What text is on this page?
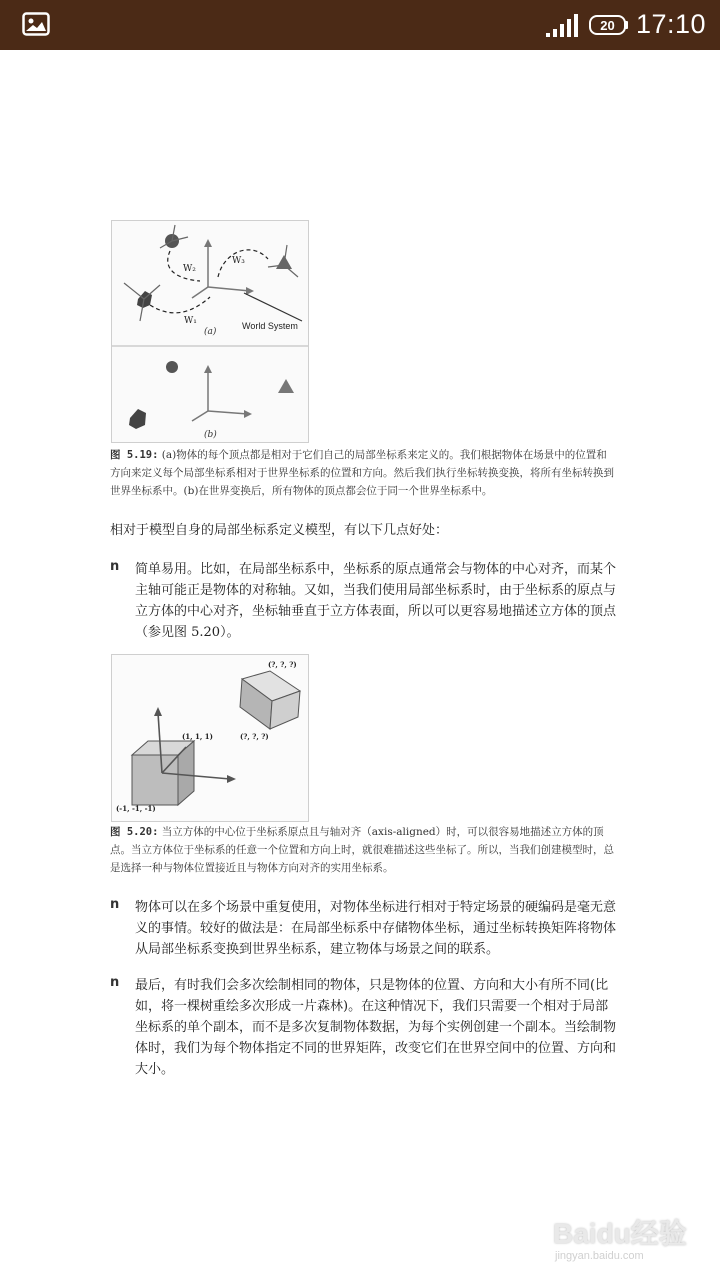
20 17:10
W₂
W₃
W₁
(a)
World System
(b)
图 5.19: (a)物体的每个顶点都是相对于它们自己的局部坐标系来定义的。我们根据物体在场景中的位置和方向来定义每个局部坐标系相对于世界坐标系的位置和方向。然后我们执行坐标转换变换，将所有坐标转换到世界坐标系中。(b)在世界变换后，所有物体的顶点都会位于同一个世界坐标系中。
相对于模型自身的局部坐标系定义模型，有以下几点好处：
n 简单易用。比如，在局部坐标系中，坐标系的原点通常会与物体的中心对齐，而某个主轴可能正是物体的对称轴。又如，当我们使用局部坐标系时，由于坐标系的原点与立方体的中心对齐，坐标轴垂直于立方体表面，所以可以更容易地描述立方体的顶点（参见图 5.20）。
(?, ?, ?)
(?, ?, ?)
(1, 1, 1)
(-1, -1, -1)
图 5.20: 当立方体的中心位于坐标系原点且与轴对齐（axis-aligned）时，可以很容易地描述立方体的顶点。当立方体位于坐标系的任意一个位置和方向上时，就很难描述这些坐标了。所以，当我们创建模型时，总是选择一种与物体位置接近且与物体方向对齐的实用坐标系。
n 物体可以在多个场景中重复使用，对物体坐标进行相对于特定场景的硬编码是毫无意义的事情。较好的做法是：在局部坐标系中存储物体坐标，通过坐标转换矩阵将物体从局部坐标系变换到世界坐标系，建立物体与场景之间的联系。
n 最后，有时我们会多次绘制相同的物体，只是物体的位置、方向和大小有所不同(比如，将一棵树重绘多次形成一片森林)。在这种情况下，我们只需要一个相对于局部坐标系的单个副本，而不是多次复制物体数据，为每个实例创建一个副本。当绘制物体时，我们为每个物体指定不同的世界矩阵，改变它们在世界空间中的位置、方向和大小。
Baidu经验
jingyan.baidu.com
